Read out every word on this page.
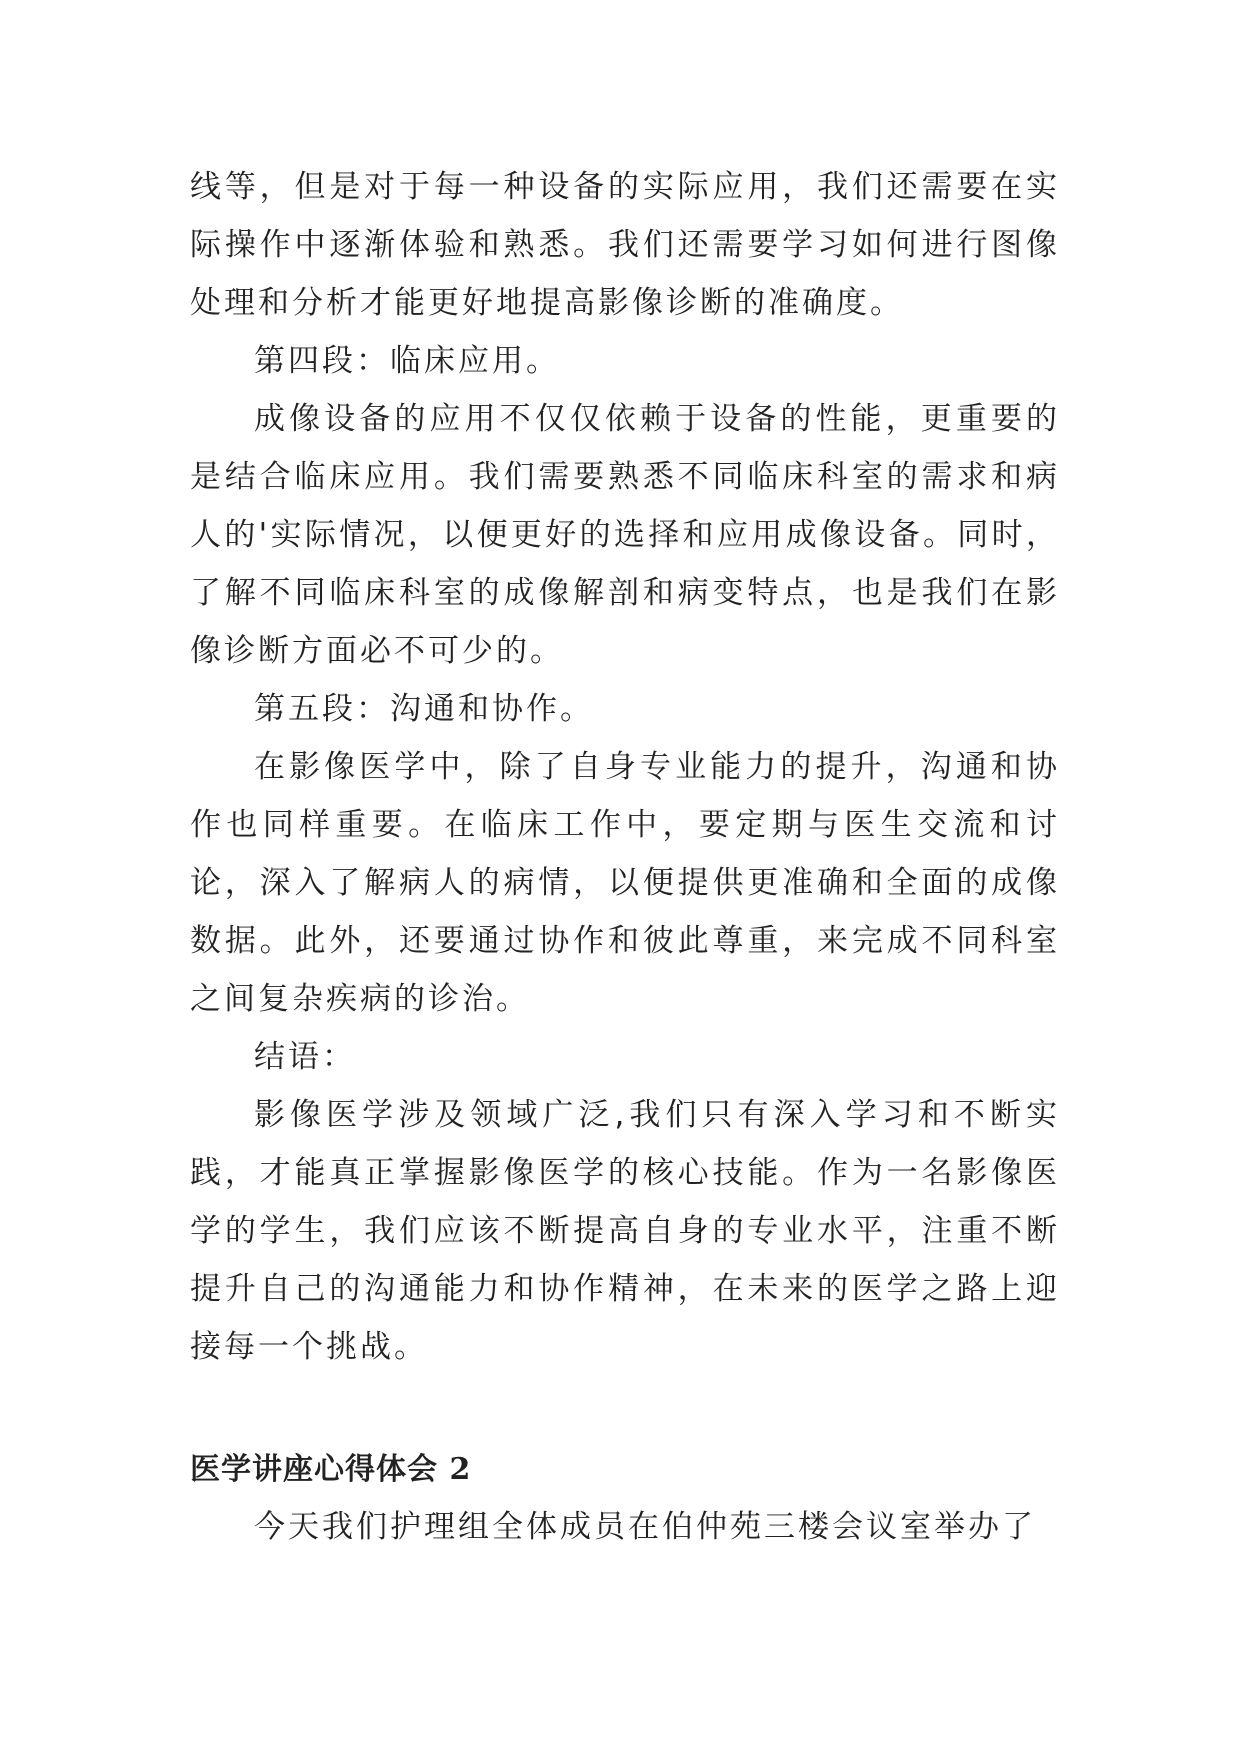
线等，但是对于每一种设备的实际应用，我们还需要在实际操作中逐渐体验和熟悉。我们还需要学习如何进行图像处理和分析才能更好地提高影像诊断的准确度。

第四段：临床应用。

成像设备的应用不仅仅依赖于设备的性能，更重要的是结合临床应用。我们需要熟悉不同临床科室的需求和病人的'实际情况，以便更好的选择和应用成像设备。同时，了解不同临床科室的成像解剖和病变特点，也是我们在影像诊断方面必不可少的。

第五段：沟通和协作。

在影像医学中，除了自身专业能力的提升，沟通和协作也同样重要。在临床工作中，要定期与医生交流和讨论，深入了解病人的病情，以便提供更准确和全面的成像数据。此外，还要通过协作和彼此尊重，来完成不同科室之间复杂疾病的诊治。

结语：

影像医学涉及领域广泛,我们只有深入学习和不断实践，才能真正掌握影像医学的核心技能。作为一名影像医学的学生，我们应该不断提高自身的专业水平，注重不断提升自己的沟通能力和协作精神，在未来的医学之路上迎接每一个挑战。

医学讲座心得体会 2

今天我们护理组全体成员在伯仲苑三楼会议室举办了
